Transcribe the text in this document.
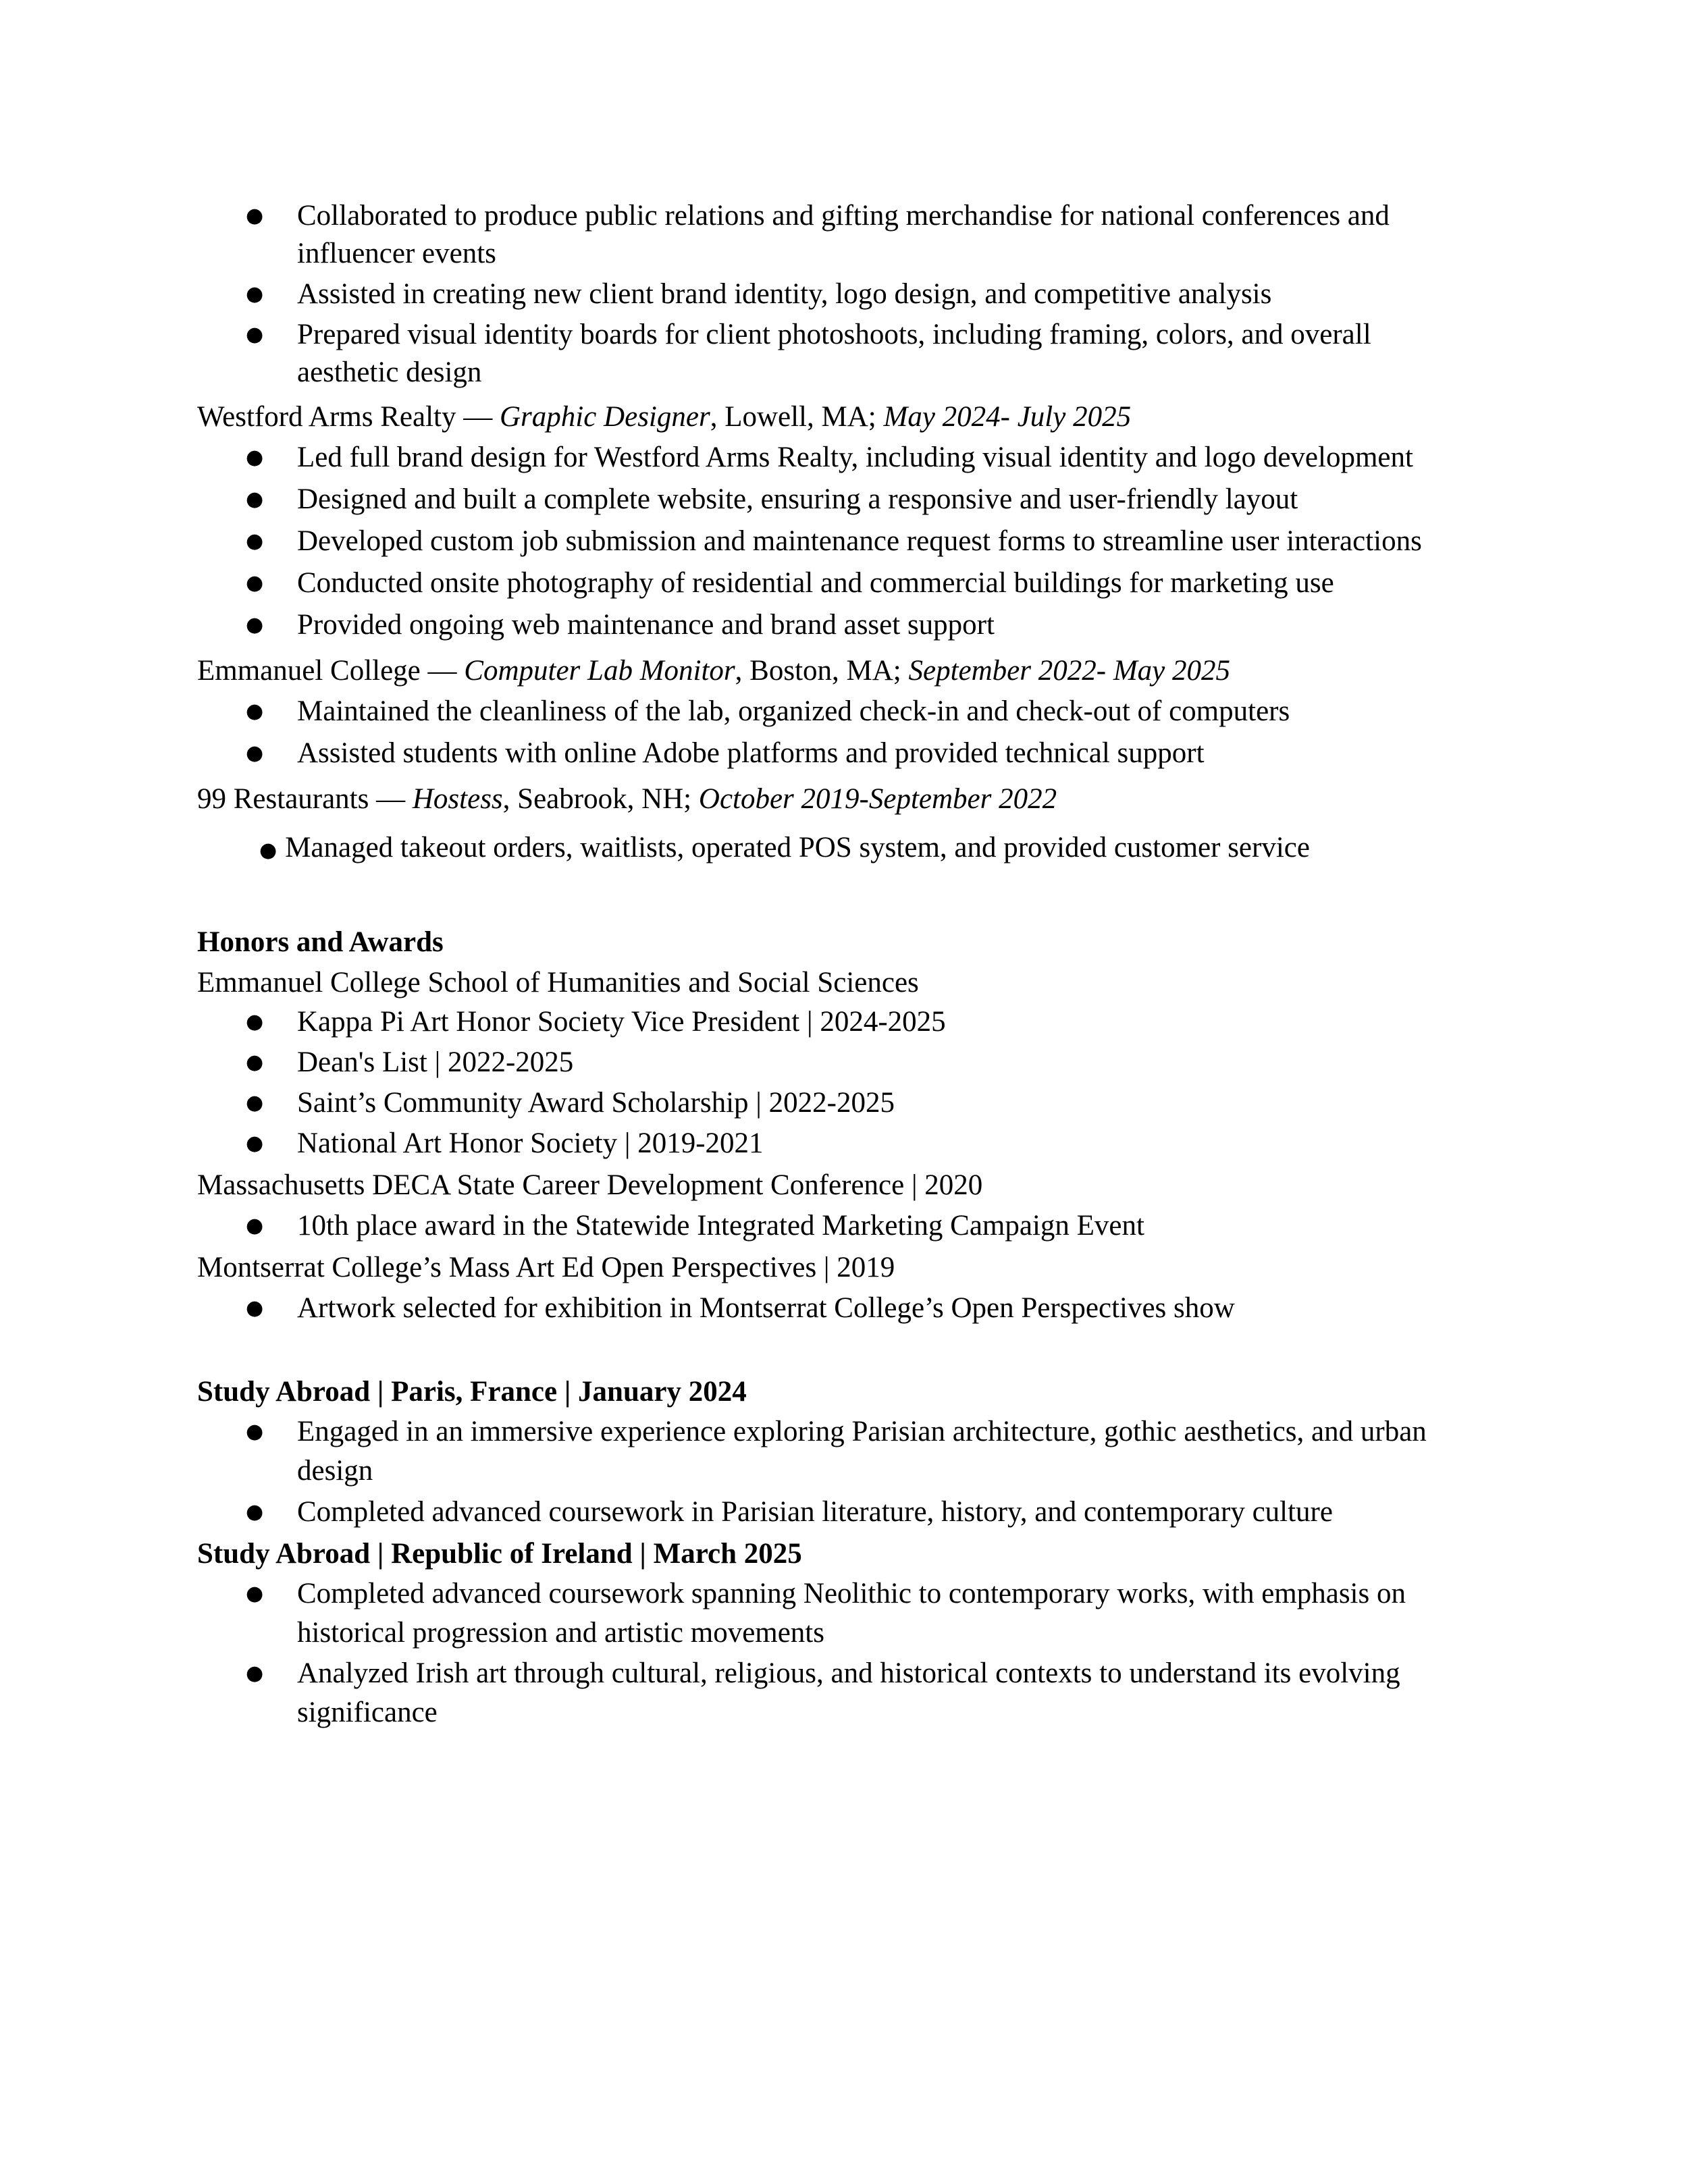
● Collaborated to produce public relations and gifting merchandise for national conferences and influencer events
● Assisted in creating new client brand identity, logo design, and competitive analysis
● Prepared visual identity boards for client photoshoots, including framing, colors, and overall aesthetic design
Westford Arms Realty — Graphic Designer, Lowell, MA; May 2024- July 2025
● Led full brand design for Westford Arms Realty, including visual identity and logo development
● Designed and built a complete website, ensuring a responsive and user-friendly layout
● Developed custom job submission and maintenance request forms to streamline user interactions
● Conducted onsite photography of residential and commercial buildings for marketing use
● Provided ongoing web maintenance and brand asset support
Emmanuel College — Computer Lab Monitor, Boston, MA; September 2022- May 2025
● Maintained the cleanliness of the lab, organized check-in and check-out of computers
● Assisted students with online Adobe platforms and provided technical support
99 Restaurants — Hostess, Seabrook, NH; October 2019-September 2022
● Managed takeout orders, waitlists, operated POS system, and provided customer service
Honors and Awards
Emmanuel College School of Humanities and Social Sciences
● Kappa Pi Art Honor Society Vice President | 2024-2025
● Dean's List | 2022-2025
● Saint’s Community Award Scholarship | 2022-2025
● National Art Honor Society | 2019-2021
Massachusetts DECA State Career Development Conference | 2020
● 10th place award in the Statewide Integrated Marketing Campaign Event
Montserrat College’s Mass Art Ed Open Perspectives | 2019
● Artwork selected for exhibition in Montserrat College’s Open Perspectives show
Study Abroad | Paris, France | January 2024
● Engaged in an immersive experience exploring Parisian architecture, gothic aesthetics, and urban design
● Completed advanced coursework in Parisian literature, history, and contemporary culture
Study Abroad | Republic of Ireland | March 2025
● Completed advanced coursework spanning Neolithic to contemporary works, with emphasis on historical progression and artistic movements
● Analyzed Irish art through cultural, religious, and historical contexts to understand its evolving significance
